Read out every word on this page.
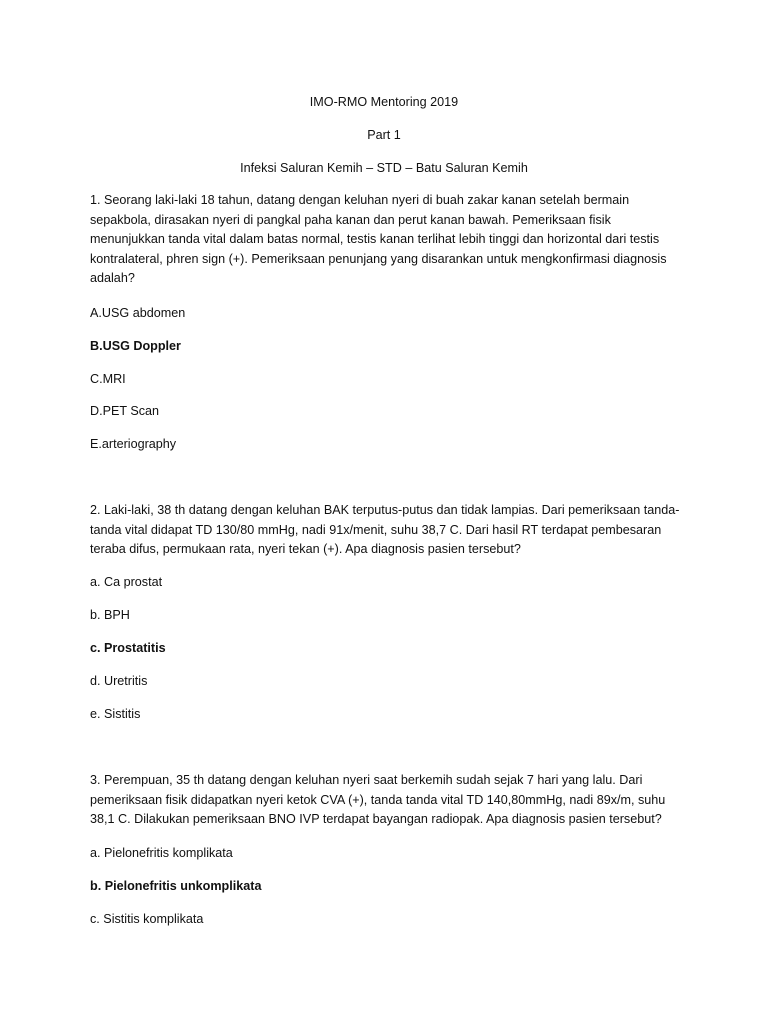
IMO-RMO Mentoring 2019
Part 1
Infeksi Saluran Kemih – STD – Batu Saluran Kemih
1. Seorang laki-laki 18 tahun, datang dengan keluhan nyeri di buah zakar kanan setelah bermain sepakbola, dirasakan nyeri di pangkal paha kanan dan perut kanan bawah. Pemeriksaan fisik menunjukkan tanda vital dalam batas normal, testis kanan terlihat lebih tinggi dan horizontal dari testis kontralateral, phren sign (+). Pemeriksaan penunjang yang disarankan untuk mengkonfirmasi diagnosis adalah?
A.USG abdomen
B.USG Doppler
C.MRI
D.PET Scan
E.arteriography
2. Laki-laki, 38 th datang dengan keluhan BAK terputus-putus dan tidak lampias. Dari pemeriksaan tanda-tanda vital didapat TD 130/80 mmHg, nadi 91x/menit, suhu 38,7 C. Dari hasil RT terdapat pembesaran teraba difus, permukaan rata, nyeri tekan (+). Apa diagnosis pasien tersebut?
a. Ca prostat
b. BPH
c. Prostatitis
d. Uretritis
e. Sistitis
3. Perempuan, 35 th datang dengan keluhan nyeri saat berkemih sudah sejak 7 hari yang lalu. Dari pemeriksaan fisik didapatkan nyeri ketok CVA (+), tanda tanda vital TD 140,80mmHg, nadi 89x/m, suhu 38,1 C. Dilakukan pemeriksaan BNO IVP terdapat bayangan radiopak. Apa diagnosis pasien tersebut?
a. Pielonefritis komplikata
b. Pielonefritis unkomplikata
c. Sistitis komplikata
